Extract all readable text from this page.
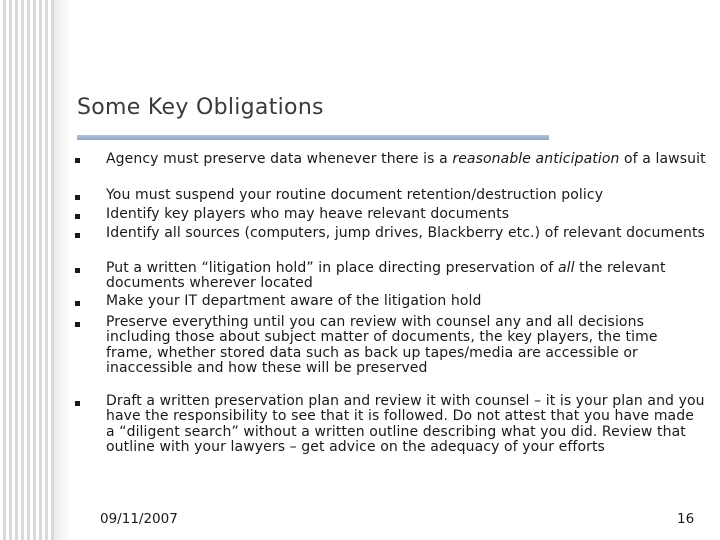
Some Key Obligations
Agency must preserve data whenever there is a reasonable anticipation of a lawsuit
You must suspend your routine document retention/destruction policy
Identify key players who may heave relevant documents
Identify all sources (computers, jump drives, Blackberry etc.) of relevant documents
Put a written “litigation hold” in place directing preservation of all the relevant documents wherever located
Make your IT department aware of the litigation hold
Preserve everything until you can review with counsel any and all decisions including those about subject matter of documents, the key players, the time frame, whether stored data such as back up tapes/media are accessible or inaccessible and how these will be preserved
Draft a written preservation plan and review it with counsel – it is your plan and you have the responsibility to see that it is followed. Do not attest that you have made a “diligent search” without a written outline describing what you did. Review that outline with your lawyers – get advice on the adequacy of your efforts
09/11/2007	16
